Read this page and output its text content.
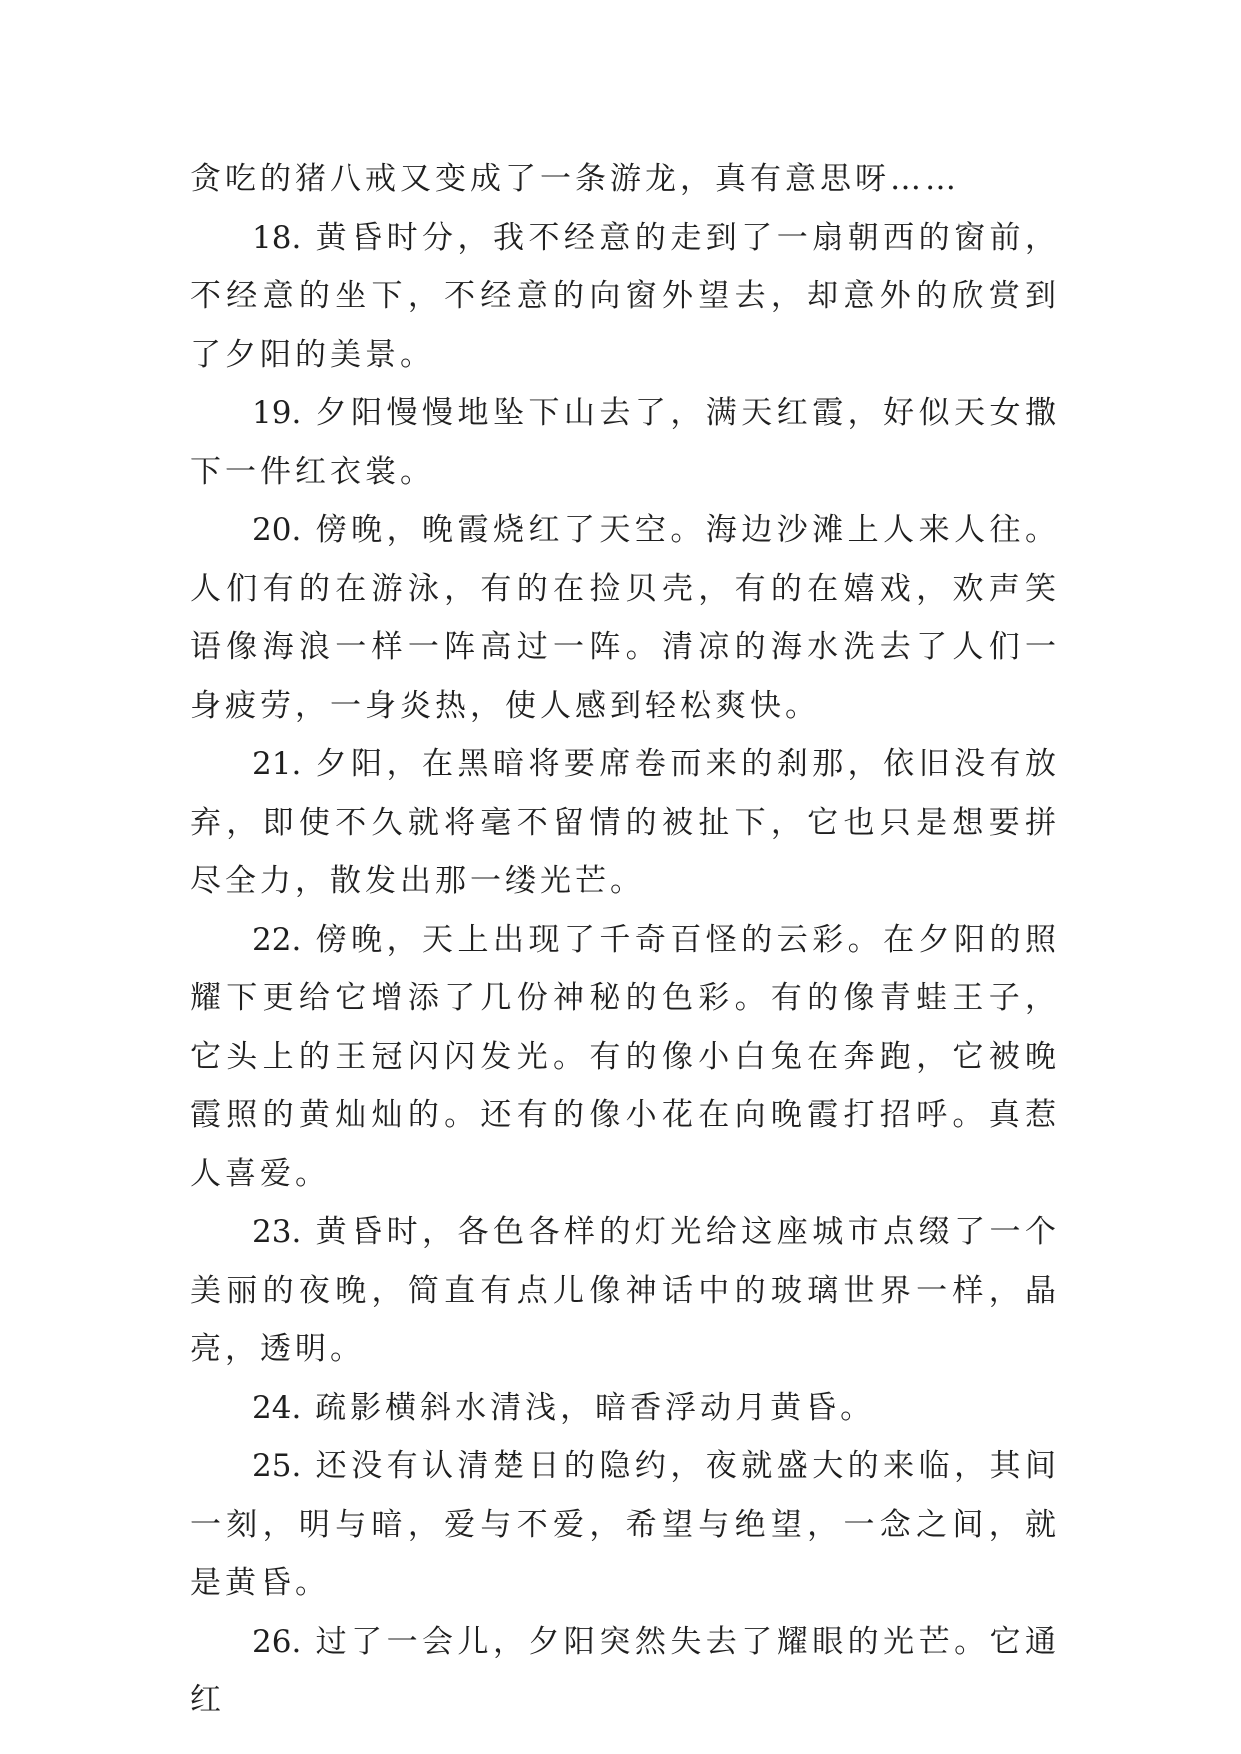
贪吃的猪八戒又变成了一条游龙，真有意思呀……

18. 黄昏时分，我不经意的走到了一扇朝西的窗前，不经意的坐下，不经意的向窗外望去，却意外的欣赏到了夕阳的美景。

19. 夕阳慢慢地坠下山去了，满天红霞，好似天女撒下一件红衣裳。

20. 傍晚，晚霞烧红了天空。海边沙滩上人来人往。人们有的在游泳，有的在捡贝壳，有的在嬉戏，欢声笑语像海浪一样一阵高过一阵。清凉的海水洗去了人们一身疲劳，一身炎热，使人感到轻松爽快。

21. 夕阳，在黑暗将要席卷而来的刹那，依旧没有放弃，即使不久就将毫不留情的被扯下，它也只是想要拼尽全力，散发出那一缕光芒。

22. 傍晚，天上出现了千奇百怪的云彩。在夕阳的照耀下更给它增添了几份神秘的色彩。有的像青蛙王子，它头上的王冠闪闪发光。有的像小白兔在奔跑，它被晚霞照的黄灿灿的。还有的像小花在向晚霞打招呼。真惹人喜爱。

23. 黄昏时，各色各样的灯光给这座城市点缀了一个美丽的夜晚，简直有点儿像神话中的玻璃世界一样，晶亮，透明。

24. 疏影横斜水清浅，暗香浮动月黄昏。

25. 还没有认清楚日的隐约，夜就盛大的来临，其间一刻，明与暗，爱与不爱，希望与绝望，一念之间，就是黄昏。

26. 过了一会儿，夕阳突然失去了耀眼的光芒。它通红
